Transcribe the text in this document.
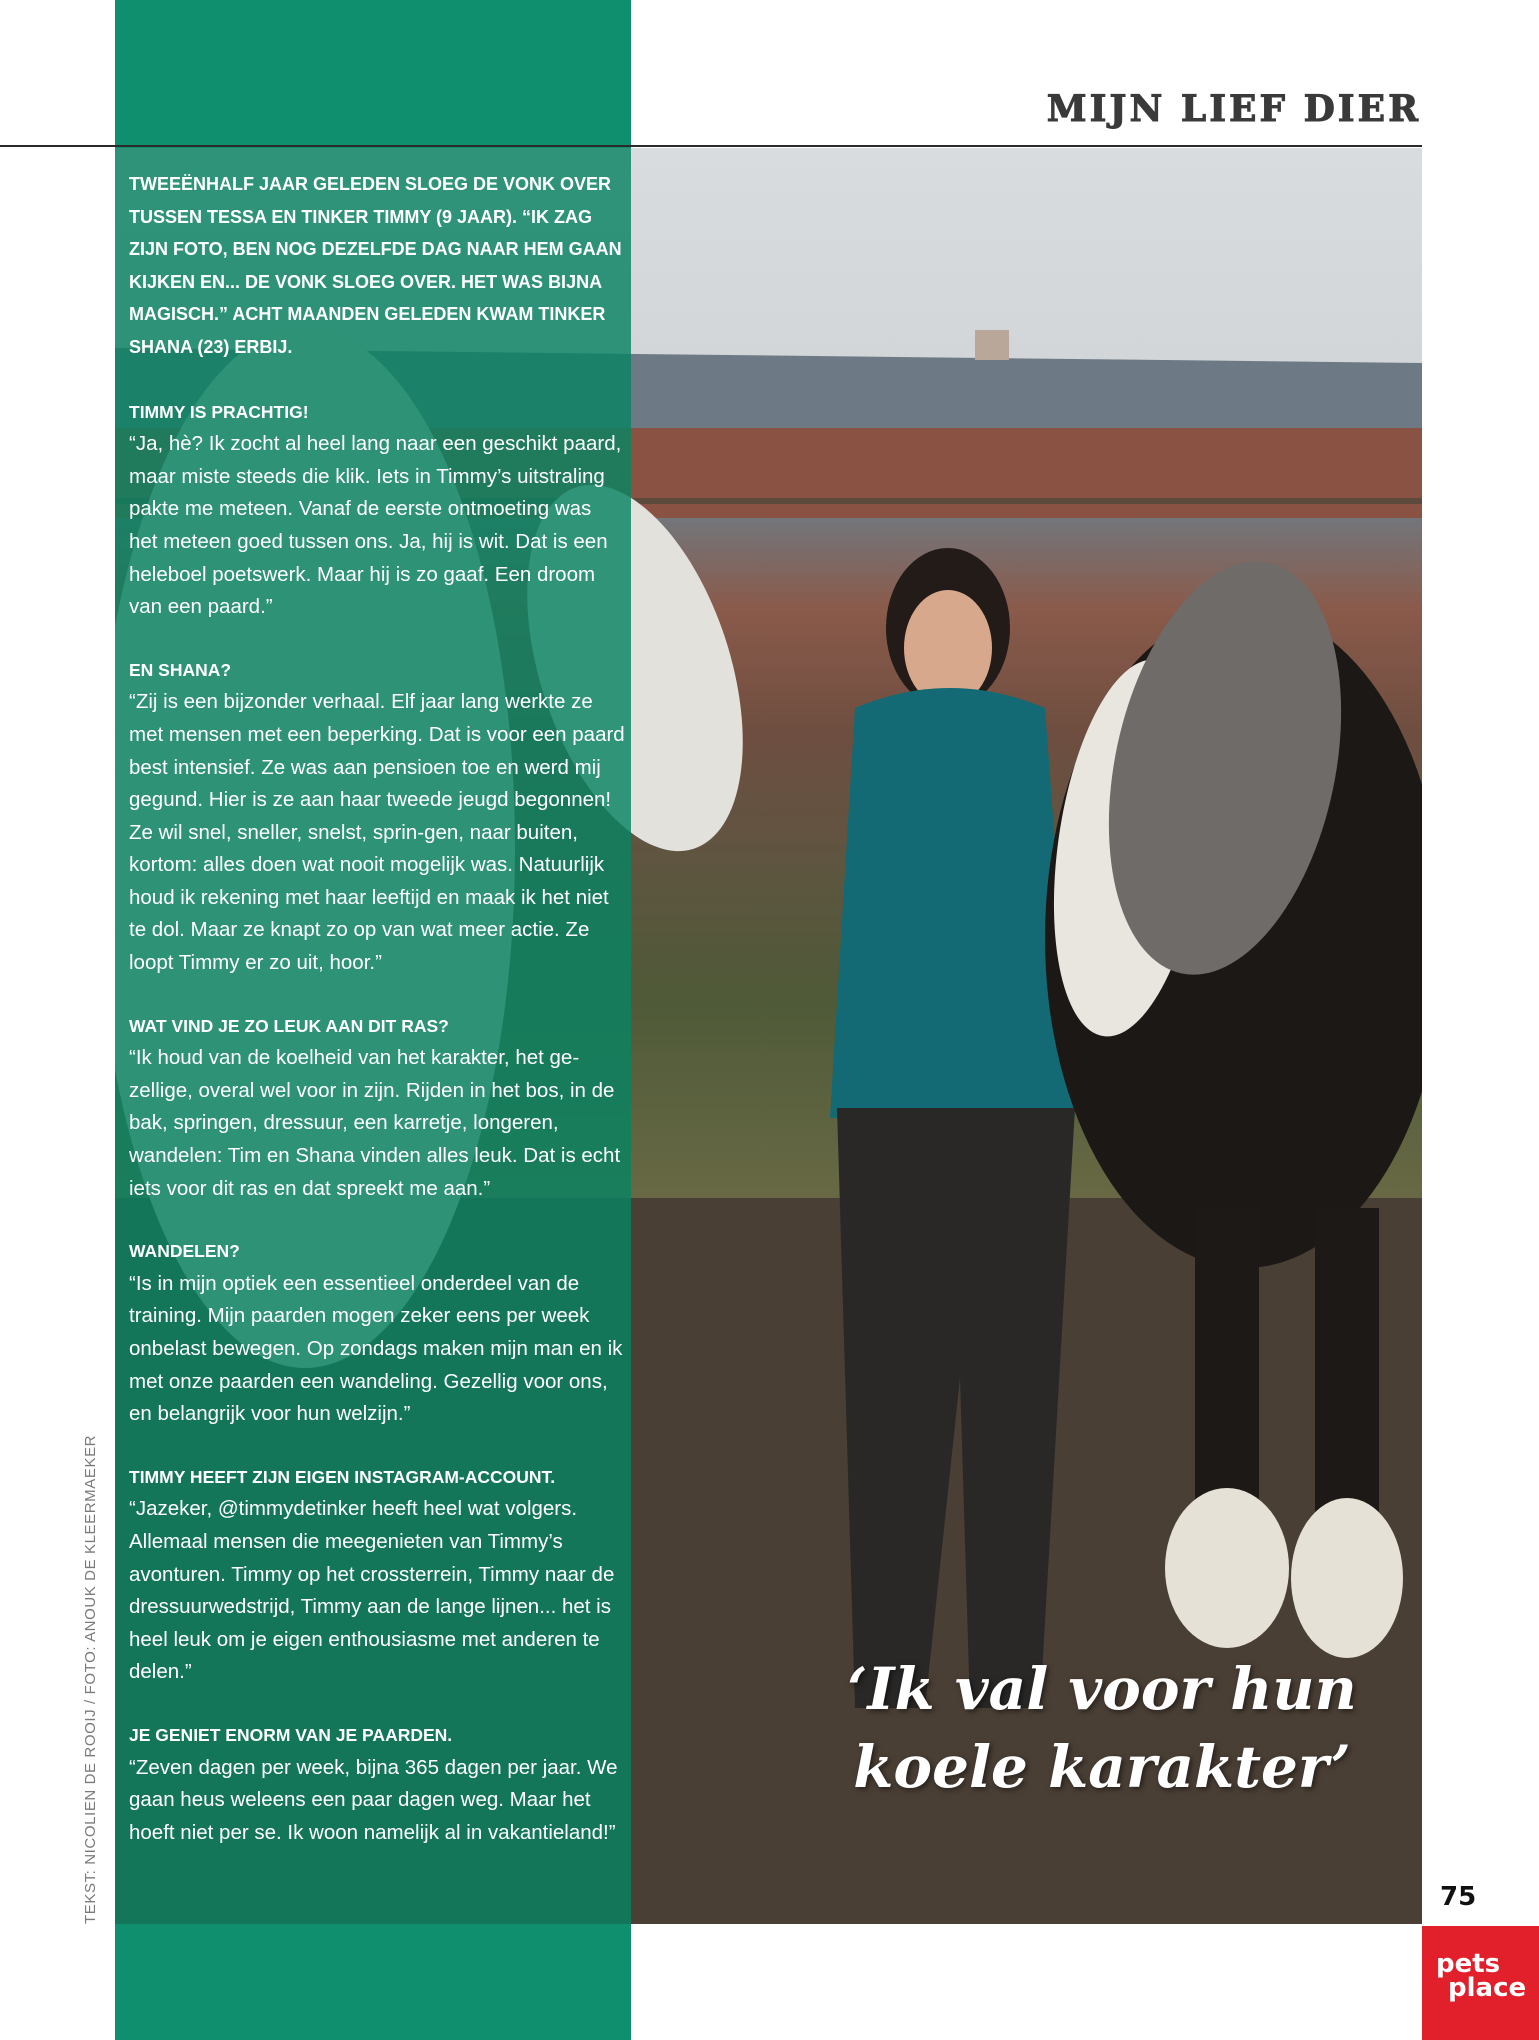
MIJN LIEF DIER

TWEEËNHALF JAAR GELEDEN SLOEG DE VONK OVER TUSSEN TESSA EN TINKER TIMMY (9 JAAR). “IK ZAG ZIJN FOTO, BEN NOG DEZELFDE DAG NAAR HEM GAAN KIJKEN EN... DE VONK SLOEG OVER. HET WAS BIJNA MAGISCH.” ACHT MAANDEN GELEDEN KWAM TINKER SHANA (23) ERBIJ.

TIMMY IS PRACHTIG!

“Ja, hè? Ik zocht al heel lang naar een geschikt paard, maar miste steeds die klik. Iets in Timmy’s uitstraling pakte me meteen. Vanaf de eerste ontmoeting was het meteen goed tussen ons. Ja, hij is wit. Dat is een heleboel poetswerk. Maar hij is zo gaaf. Een droom van een paard.”

EN SHANA?

“Zij is een bijzonder verhaal. Elf jaar lang werkte ze met mensen met een beperking. Dat is voor een paard best intensief. Ze was aan pensioen toe en werd mij gegund. Hier is ze aan haar tweede jeugd begonnen! Ze wil snel, sneller, snelst, sprin-gen, naar buiten, kortom: alles doen wat nooit mogelijk was. Natuurlijk houd ik rekening met haar leeftijd en maak ik het niet te dol. Maar ze knapt zo op van wat meer actie. Ze loopt Timmy er zo uit, hoor.”

WAT VIND JE ZO LEUK AAN DIT RAS?

“Ik houd van de koelheid van het karakter, het ge-zellige, overal wel voor in zijn. Rijden in het bos, in de bak, springen, dressuur, een karretje, longeren, wandelen: Tim en Shana vinden alles leuk. Dat is echt iets voor dit ras en dat spreekt me aan.”

WANDELEN?

“Is in mijn optiek een essentieel onderdeel van de training. Mijn paarden mogen zeker eens per week onbelast bewegen. Op zondags maken mijn man en ik met onze paarden een wandeling. Gezellig voor ons, en belangrijk voor hun welzijn.”

TIMMY HEEFT ZIJN EIGEN INSTAGRAM-ACCOUNT.

“Jazeker, @timmydetinker heeft heel wat volgers. Allemaal mensen die meegenieten van Timmy’s avonturen. Timmy op het crossterrein, Timmy naar de dressuurwedstrijd, Timmy aan de lange lijnen... het is heel leuk om je eigen enthousiasme met anderen te delen.”

JE GENIET ENORM VAN JE PAARDEN.

“Zeven dagen per week, bijna 365 dagen per jaar. We gaan heus weleens een paar dagen weg. Maar het hoeft niet per se. Ik woon namelijk al in vakantieland!”

TEKST: NICOLIEN DE ROOIJ / FOTO: ANOUK DE KLEERMAEKER	‘Ik val voor hun koele karakter’
75
pets
place
